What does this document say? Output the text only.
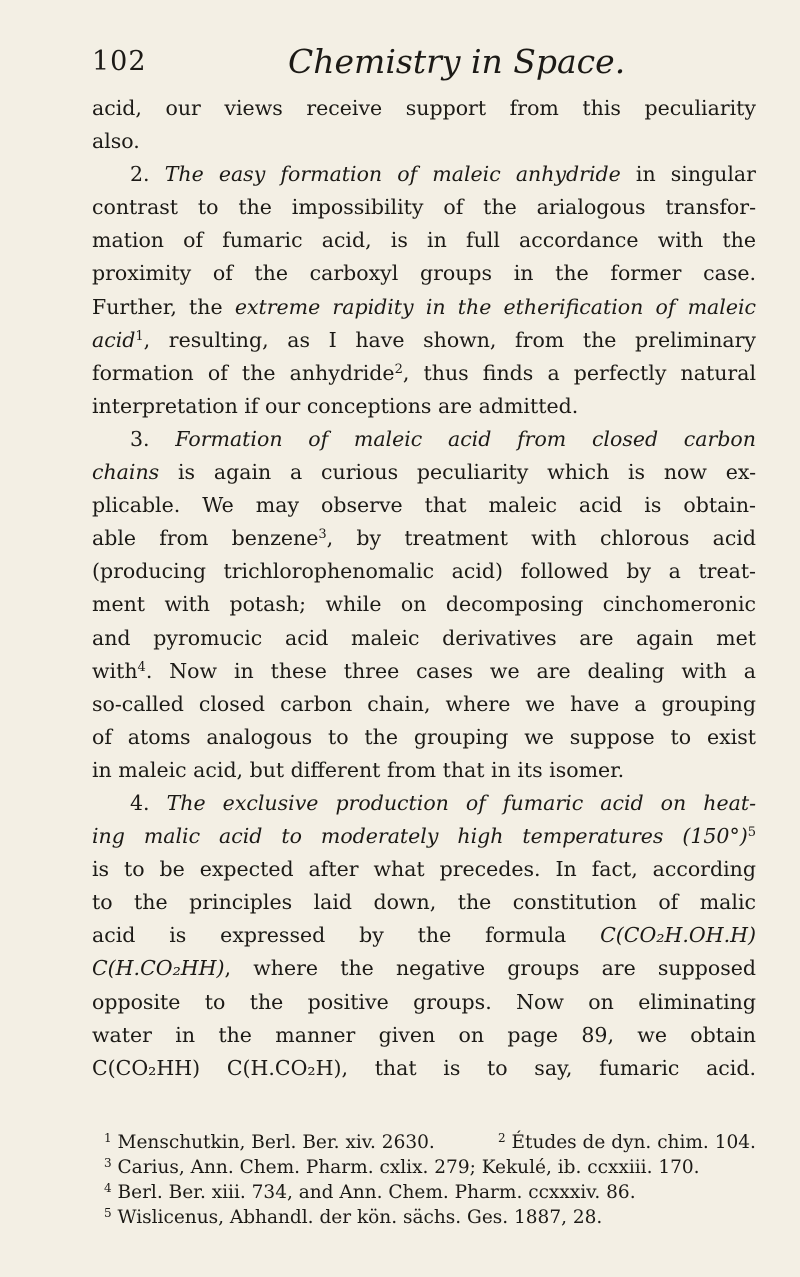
102	Chemistry in Space.
acid, our views receive support from this peculiarity
also.
2. The easy formation of maleic anhydride in singular
contrast to the impossibility of the arialogous transfor-
mation of fumaric acid, is in full accordance with the
proximity of the carboxyl groups in the former case.
Further, the extreme rapidity in the etherification of maleic
acid$^1$, resulting, as I have shown, from the preliminary
formation of the anhydride$^2$, thus finds a perfectly natural
interpretation if our conceptions are admitted.
3. Formation of maleic acid from closed carbon
chains is again a curious peculiarity which is now ex-
plicable. We may observe that maleic acid is obtain-
able from benzene$^3$, by treatment with chlorous acid
(producing trichlorophenomalic acid) followed by a treat-
ment with potash; while on decomposing cinchomeronic
and pyromucic acid maleic derivatives are again met
with$^4$. Now in these three cases we are dealing with a
so-called closed carbon chain, where we have a grouping
of atoms analogous to the grouping we suppose to exist
in maleic acid, but different from that in its isomer.
4. The exclusive production of fumaric acid on heat-
ing malic acid to moderately high temperatures $(150^\circ)^5$
is to be expected after what precedes. In fact, according
to the principles laid down, the constitution of malic
acid is expressed by the formula C(CO₂H.OH.H)
C(H.CO₂HH), where the negative groups are supposed
opposite to the positive groups. Now on eliminating
water in the manner given on page 89, we obtain
C(CO₂HH) C(H.CO₂H), that is to say, fumaric acid.
$^1$ Menschutkin, Berl. Ber. xiv. 2630.	$^2$ Études de dyn. chim. 104.
$^3$ Carius, Ann. Chem. Pharm. cxlix. 279; Kekulé, ib. ccxxiii. 170.
$^4$ Berl. Ber. xiii. 734, and Ann. Chem. Pharm. ccxxxiv. 86.
$^5$ Wislicenus, Abhandl. der kön. sächs. Ges. 1887, 28.
